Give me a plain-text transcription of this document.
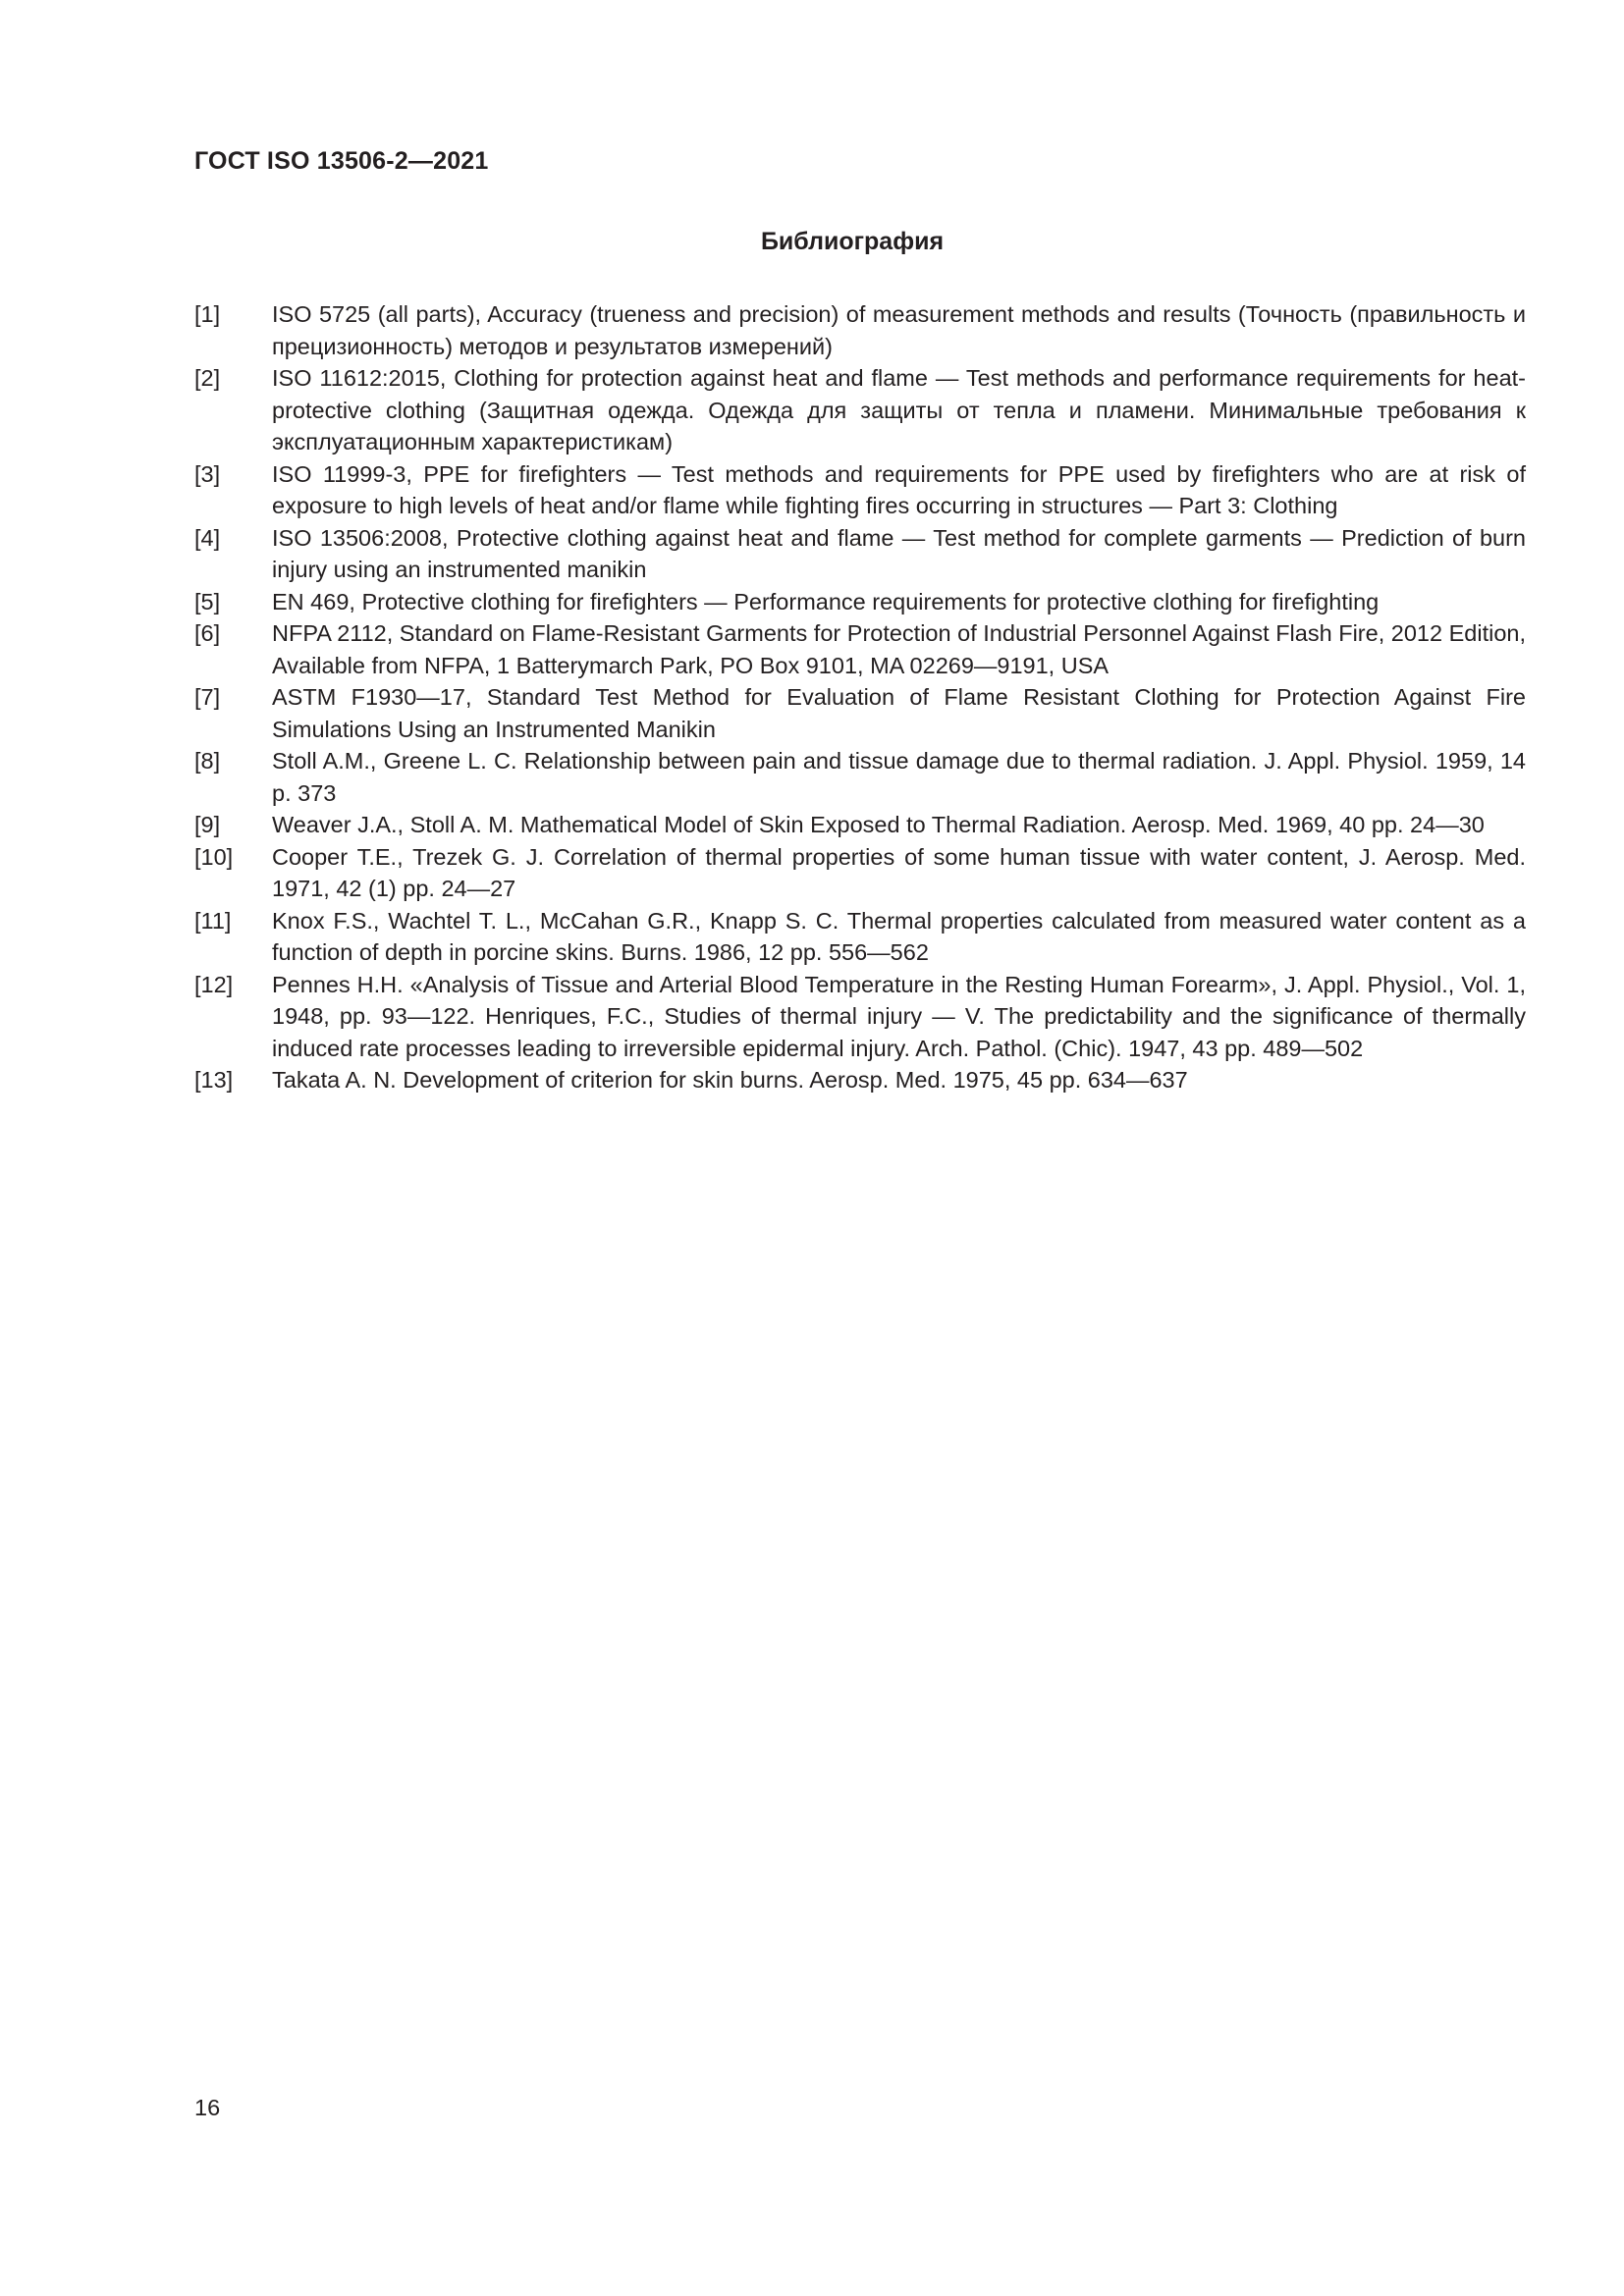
ГОСТ ISO 13506-2—2021
Библиография
[1]	ISO 5725 (all parts), Accuracy (trueness and precision) of measurement methods and results (Точность (правильность и прецизионность) методов и результатов измерений)
[2]	ISO 11612:2015, Clothing for protection against heat and flame — Test methods and performance requirements for heat-protective clothing (Защитная одежда. Одежда для защиты от тепла и пламени. Минимальные требования к эксплуатационным характеристикам)
[3]	ISO 11999-3, PPE for firefighters — Test methods and requirements for PPE used by firefighters who are at risk of exposure to high levels of heat and/or flame while fighting fires occurring in structures — Part 3: Clothing
[4]	ISO 13506:2008, Protective clothing against heat and flame — Test method for complete garments — Prediction of burn injury using an instrumented manikin
[5]	EN 469, Protective clothing for firefighters — Performance requirements for protective clothing for firefighting
[6]	NFPA 2112, Standard on Flame-Resistant Garments for Protection of Industrial Personnel Against Flash Fire, 2012 Edition, Available from NFPA, 1 Batterymarch Park, PO Box 9101, MA 02269—9191, USA
[7]	ASTM F1930—17, Standard Test Method for Evaluation of Flame Resistant Clothing for Protection Against Fire Simulations Using an Instrumented Manikin
[8]	Stoll A.M., Greene L. C. Relationship between pain and tissue damage due to thermal radiation. J. Appl. Physiol. 1959, 14 p. 373
[9]	Weaver J.A., Stoll A. M. Mathematical Model of Skin Exposed to Thermal Radiation. Aerosp. Med. 1969, 40 pp. 24—30
[10]	Cooper T.E., Trezek G. J. Correlation of thermal properties of some human tissue with water content, J. Aerosp. Med. 1971, 42 (1) pp. 24—27
[11]	Knox F.S., Wachtel T. L., McCahan G.R., Knapp S. C. Thermal properties calculated from measured water content as a function of depth in porcine skins. Burns. 1986, 12 pp. 556—562
[12]	Pennes H.H. «Analysis of Tissue and Arterial Blood Temperature in the Resting Human Forearm», J. Appl. Physiol., Vol. 1, 1948, pp. 93—122. Henriques, F.C., Studies of thermal injury — V. The predictability and the significance of thermally induced rate processes leading to irreversible epidermal injury. Arch. Pathol. (Chic). 1947, 43 pp. 489—502
[13]	Takata A. N. Development of criterion for skin burns. Aerosp. Med. 1975, 45 pp. 634—637
16
